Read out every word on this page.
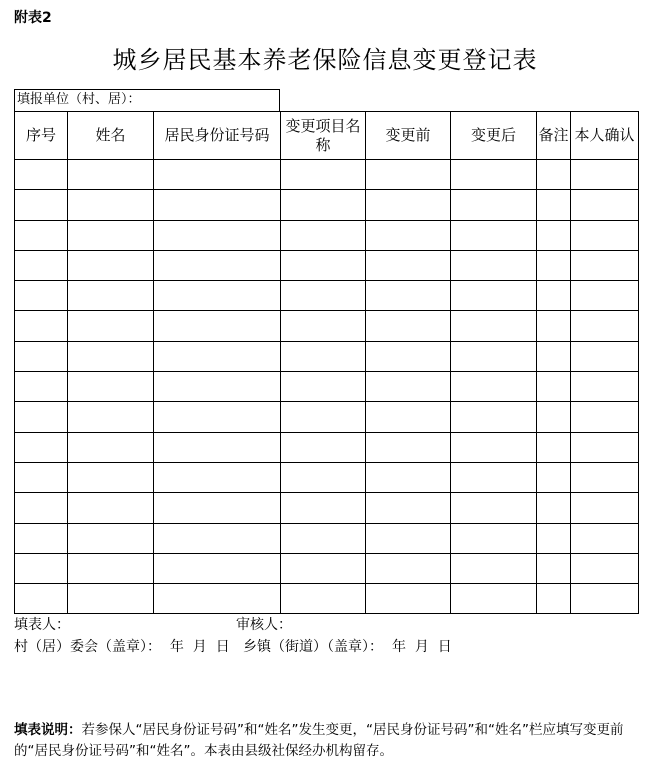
附表2
城乡居民基本养老保险信息变更登记表
填报单位（村、居）：
序号	姓名	居民身份证号码	变更项目名称	变更前	变更后	备注	本人确认

填表人：	审核人：
村（居）委会（盖章）：  年  月  日   乡镇（街道）（盖章）：  年  月  日
填表说明：若参保人“居民身份证号码”和“姓名”发生变更，“居民身份证号码”和“姓名”栏应填写变更前的“居民身份证号码”和“姓名”。本表由县级社保经办机构留存。
